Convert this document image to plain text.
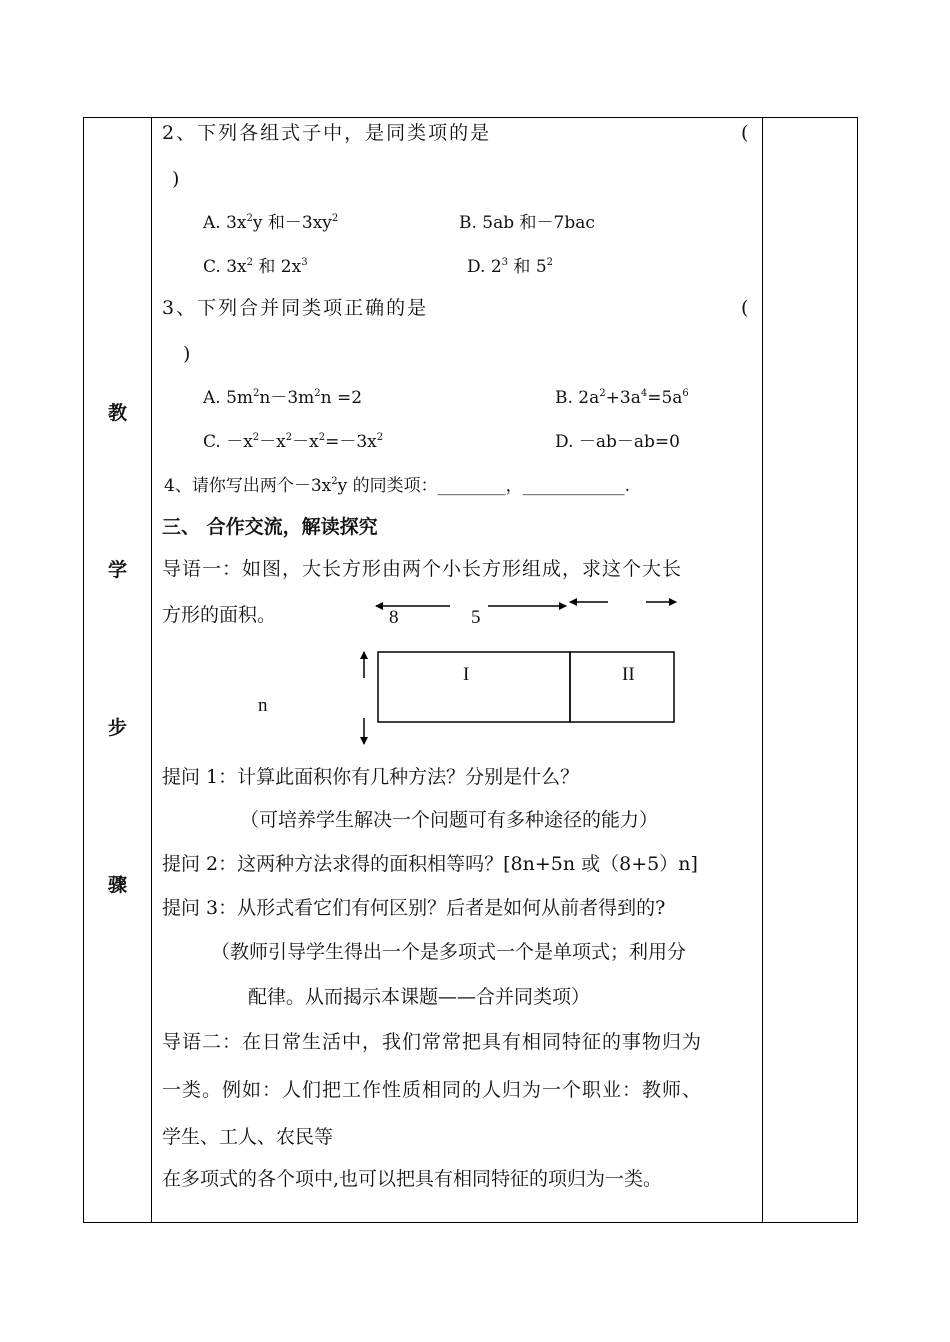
教
学
步
骤
2、下列各组式子中，是同类项的是	(
)
A. $3x^2y$ 和$-3xy^2$	B. 5ab 和－7bac
C. $3x^2$ 和 $2x^3$	D. $2^3$ 和 $5^2$
3、下列合并同类项正确的是	(
)
A. $5m^2n-3m^2n =2$	B. $2a^2+3a^4=5a^6$
C. $-x^2-x^2-x^2=-3x^2$	D. －ab－ab=0
4、请你写出两个$-3x^2y$ 的同类项：________，____________.
三、 合作交流，解读探究
导语一：如图，大长方形由两个小长方形组成，求这个大长
方形的面积。	8	5
n
I	II
提问 1：计算此面积你有几种方法？分别是什么？
（可培养学生解决一个问题可有多种途径的能力）
提问 2：这两种方法求得的面积相等吗？[8n+5n 或（8+5）n]
提问 3：从形式看它们有何区别？后者是如何从前者得到的?
（教师引导学生得出一个是多项式一个是单项式；利用分
配律。从而揭示本课题——合并同类项）
导语二：在日常生活中，我们常常把具有相同特征的事物归为
一类。例如：人们把工作性质相同的人归为一个职业：教师、
学生、工人、农民等
在多项式的各个项中,也可以把具有相同特征的项归为一类。
